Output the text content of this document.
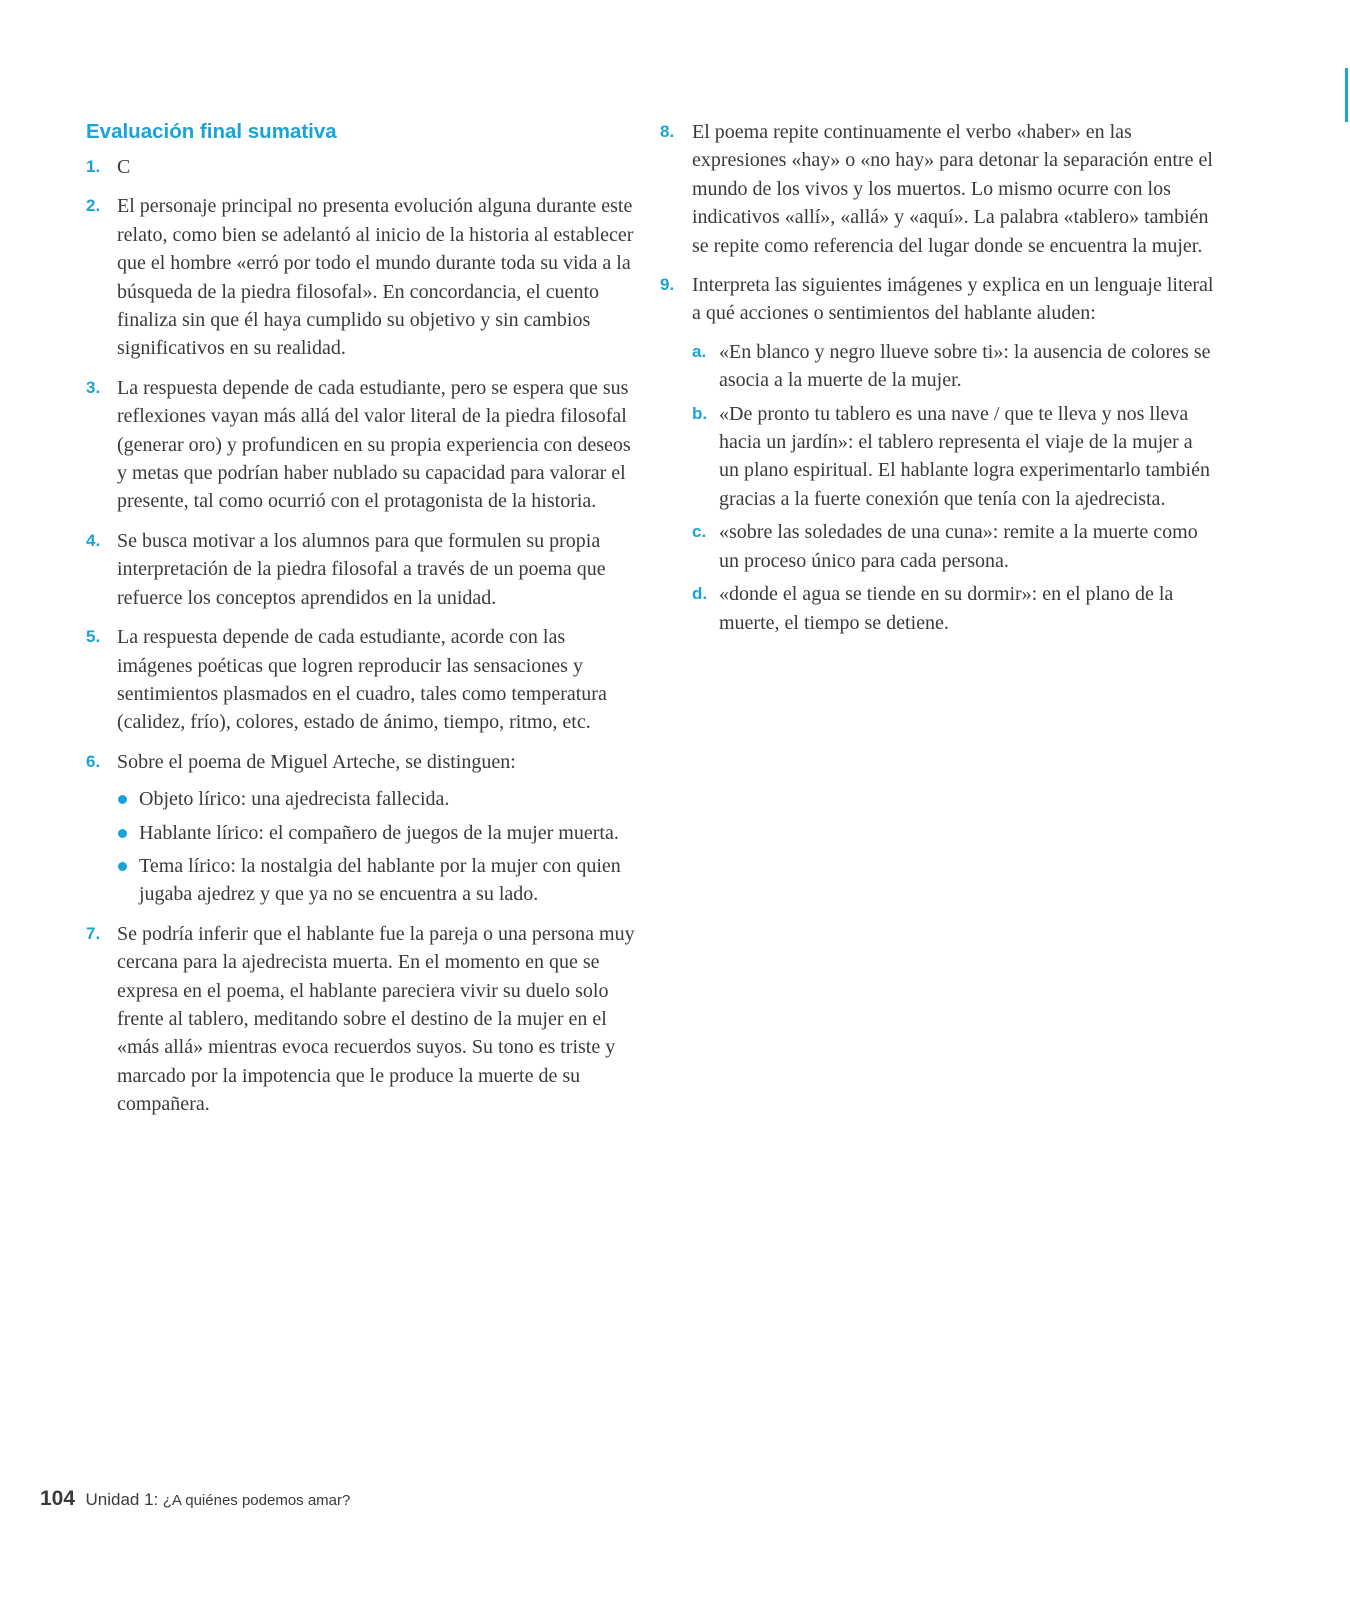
Evaluación final sumativa
1. C
2. El personaje principal no presenta evolución alguna durante este relato, como bien se adelantó al inicio de la historia al establecer que el hombre «erró por todo el mundo durante toda su vida a la búsqueda de la piedra filosofal». En concordancia, el cuento finaliza sin que él haya cumplido su objetivo y sin cambios significativos en su realidad.
3. La respuesta depende de cada estudiante, pero se espera que sus reflexiones vayan más allá del valor literal de la piedra filosofal (generar oro) y profundicen en su propia experiencia con deseos y metas que podrían haber nublado su capacidad para valorar el presente, tal como ocurrió con el protagonista de la historia.
4. Se busca motivar a los alumnos para que formulen su propia interpretación de la piedra filosofal a través de un poema que refuerce los conceptos aprendidos en la unidad.
5. La respuesta depende de cada estudiante, acorde con las imágenes poéticas que logren reproducir las sensaciones y sentimientos plasmados en el cuadro, tales como temperatura (calidez, frío), colores, estado de ánimo, tiempo, ritmo, etc.
6. Sobre el poema de Miguel Arteche, se distinguen:
Objeto lírico: una ajedrecista fallecida.
Hablante lírico: el compañero de juegos de la mujer muerta.
Tema lírico: la nostalgia del hablante por la mujer con quien jugaba ajedrez y que ya no se encuentra a su lado.
7. Se podría inferir que el hablante fue la pareja o una persona muy cercana para la ajedrecista muerta. En el momento en que se expresa en el poema, el hablante pareciera vivir su duelo solo frente al tablero, meditando sobre el destino de la mujer en el «más allá» mientras evoca recuerdos suyos. Su tono es triste y marcado por la impotencia que le produce la muerte de su compañera.
8. El poema repite continuamente el verbo «haber» en las expresiones «hay» o «no hay» para detonar la separación entre el mundo de los vivos y los muertos. Lo mismo ocurre con los indicativos «allí», «allá» y «aquí». La palabra «tablero» también se repite como referencia del lugar donde se encuentra la mujer.
9. Interpreta las siguientes imágenes y explica en un lenguaje literal a qué acciones o sentimientos del hablante aluden:
a. «En blanco y negro llueve sobre ti»: la ausencia de colores se asocia a la muerte de la mujer.
b. «De pronto tu tablero es una nave / que te lleva y nos lleva hacia un jardín»: el tablero representa el viaje de la mujer a un plano espiritual. El hablante logra experimentarlo también gracias a la fuerte conexión que tenía con la ajedrecista.
c. «sobre las soledades de una cuna»: remite a la muerte como un proceso único para cada persona.
d. «donde el agua se tiende en su dormir»: en el plano de la muerte, el tiempo se detiene.
104 Unidad 1: ¿A quiénes podemos amar?
